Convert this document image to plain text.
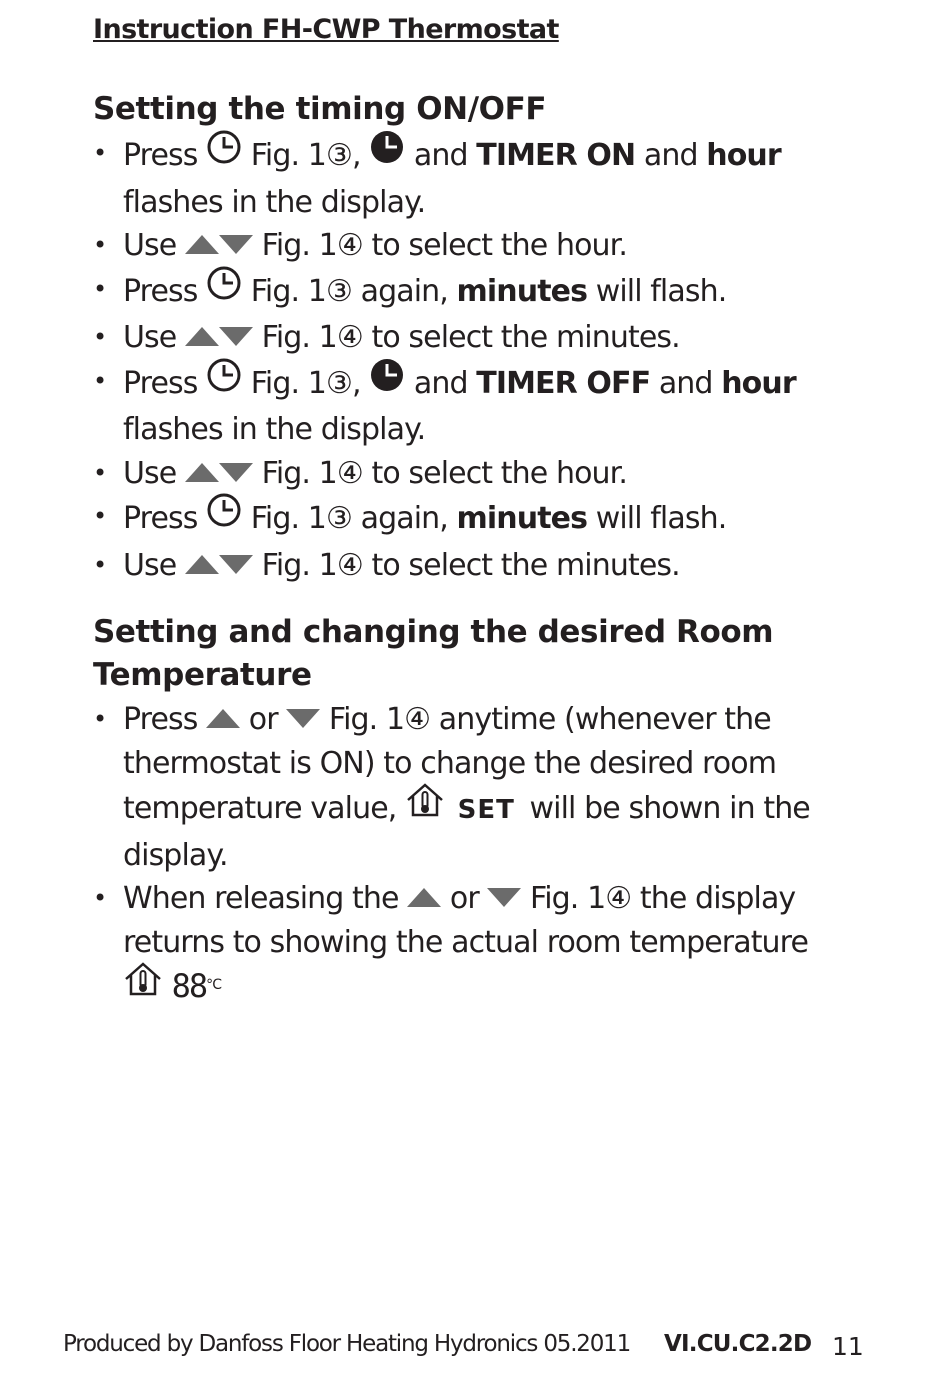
Instruction FH-CWP Thermostat
Setting the timing ON/OFF
• Press Fig. 1③, and TIMER ON and hour
flashes in the display.
• Use	Fig. 1④ to select the hour.
• Press Fig. 1③ again, minutes will flash.
• Use	Fig. 1④ to select the minutes.
• Press Fig. 1③, and TIMER OFF and hour
flashes in the display.
• Use	Fig. 1④ to select the hour.
• Press Fig. 1③ again, minutes will flash.
• Use	Fig. 1④ to select the minutes.
Setting and changing the desired Room
Temperature
• Press or Fig. 1④ anytime (whenever the
thermostat is ON) to change the desired room
temperature value, SET will be shown in the
display.
• When releasing the or Fig. 1④ the display
returns to showing the actual room temperature
$88^{^\circ C}$
Produced by Danfoss Floor Heating Hydronics 05.2011 VI.CU.C2.2D 11
